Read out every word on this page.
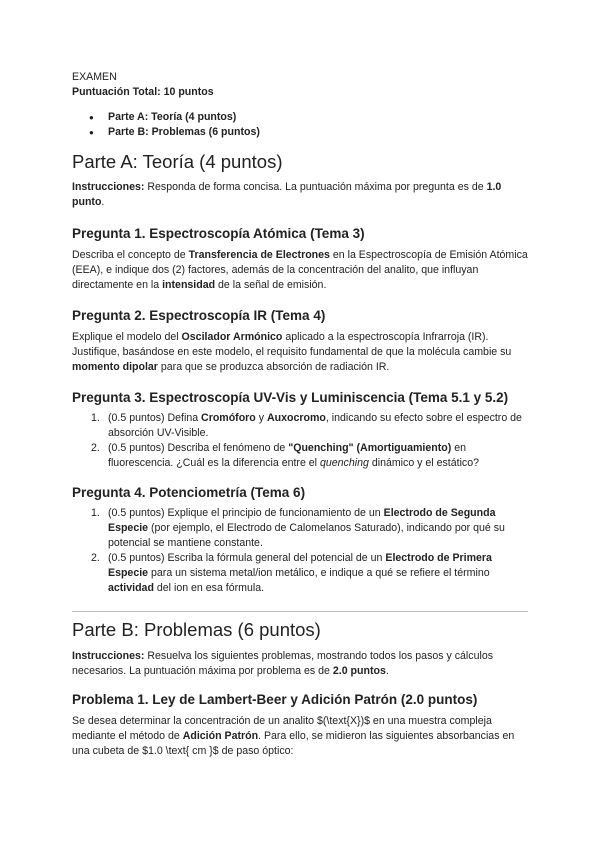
EXAMEN

Puntuación Total: 10 puntos

● Parte A: Teoría (4 puntos)
● Parte B: Problemas (6 puntos)
Parte A: Teoría (4 puntos)

Instrucciones: Responda de forma concisa. La puntuación máxima por pregunta es de 1.0 punto.

Pregunta 1. Espectroscopía Atómica (Tema 3)

Describa el concepto de Transferencia de Electrones en la Espectroscopía de Emisión Atómica (EEA), e indique dos (2) factores, además de la concentración del analito, que influyan directamente en la intensidad de la señal de emisión.

Pregunta 2. Espectroscopía IR (Tema 4)

Explique el modelo del Oscilador Armónico aplicado a la espectroscopía Infrarroja (IR). Justifique, basándose en este modelo, el requisito fundamental de que la molécula cambie su momento dipolar para que se produzca absorción de radiación IR.

Pregunta 3. Espectroscopía UV-Vis y Luminiscencia (Tema 5.1 y 5.2)
1. (0.5 puntos) Defina Cromóforo y Auxocromo, indicando su efecto sobre el espectro de absorción UV-Visible.
2. (0.5 puntos) Describa el fenómeno de "Quenching" (Amortiguamiento) en fluorescencia. ¿Cuál es la diferencia entre el quenching dinámico y el estático?
Pregunta 4. Potenciometría (Tema 6)
1. (0.5 puntos) Explique el principio de funcionamiento de un Electrodo de Segunda Especie (por ejemplo, el Electrodo de Calomelanos Saturado), indicando por qué su potencial se mantiene constante.
2. (0.5 puntos) Escriba la fórmula general del potencial de un Electrodo de Primera Especie para un sistema metal/ion metálico, e indique a qué se refiere el término actividad del ion en esa fórmula.
Parte B: Problemas (6 puntos)

Instrucciones: Resuelva los siguientes problemas, mostrando todos los pasos y cálculos necesarios. La puntuación máxima por problema es de 2.0 puntos.

Problema 1. Ley de Lambert-Beer y Adición Patrón (2.0 puntos)

Se desea determinar la concentración de un analito $(\text{X})$ en una muestra compleja mediante el método de Adición Patrón. Para ello, se midieron las siguientes absorbancias en una cubeta de $1.0 \text{ cm }$ de paso óptico:
